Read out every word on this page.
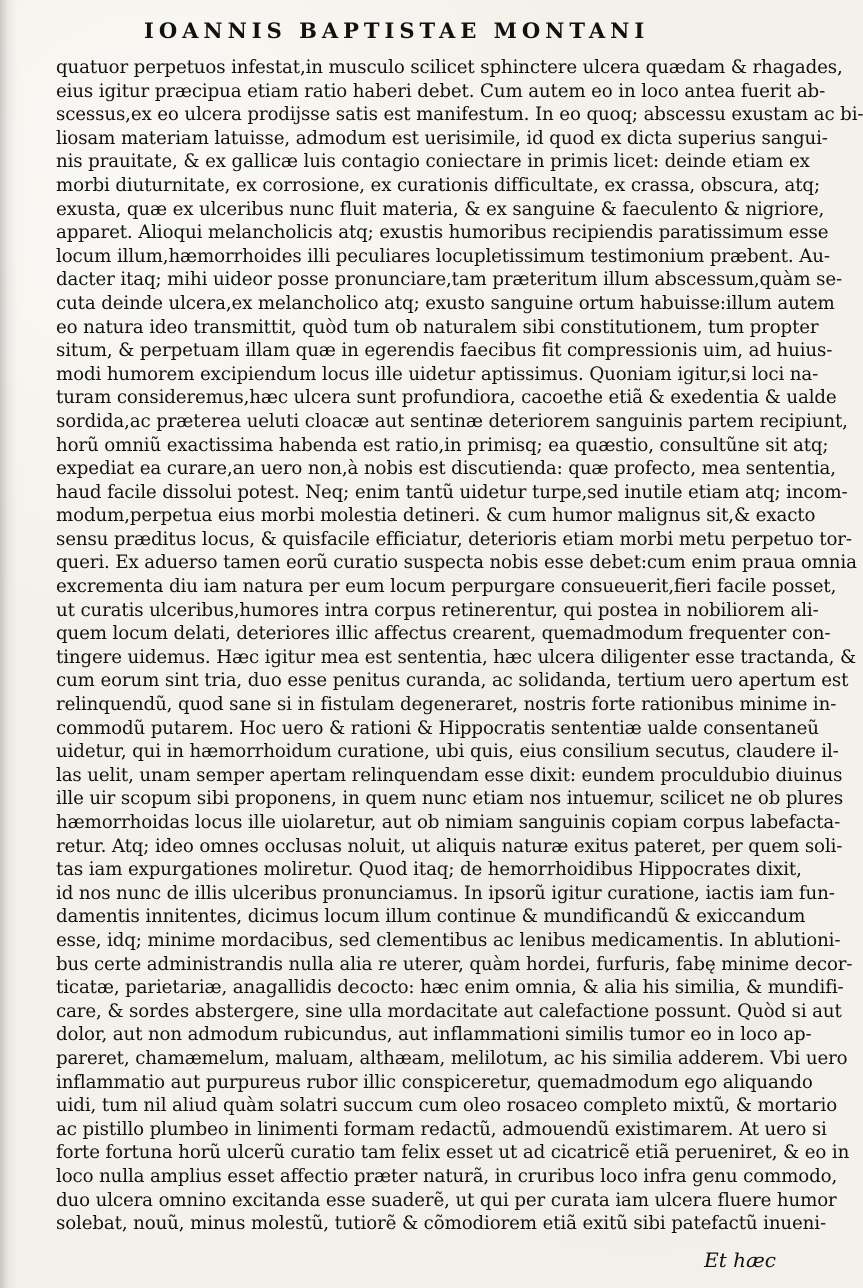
IOANNIS BAPTISTAE MONTANI
quatuor perpetuos infestat,in musculo scilicet sphinctere ulcera quædam & rhagades,
eius igitur præcipua etiam ratio haberi debet. Cum autem eo in loco antea fuerit ab-
scessus,ex eo ulcera prodijsse satis est manifestum. In eo quoq; abscessu exustam ac bi-
liosam materiam latuisse, admodum est uerisimile, id quod ex dicta superius sangui-
nis prauitate, & ex gallicæ luis contagio coniectare in primis licet: deinde etiam ex
morbi diuturnitate, ex corrosione, ex curationis difficultate, ex crassa, obscura, atq;
exusta, quæ ex ulceribus nunc fluit materia, & ex sanguine & faeculento & nigriore,
apparet. Alioqui melancholicis atq; exustis humoribus recipiendis paratissimum esse
locum illum,hæmorrhoides illi peculiares locupletissimum testimonium præbent. Au-
dacter itaq; mihi uideor posse pronunciare,tam præteritum illum abscessum,quàm se-
cuta deinde ulcera,ex melancholico atq; exusto sanguine ortum habuisse:illum autem
eo natura ideo transmittit, quòd tum ob naturalem sibi constitutionem, tum propter
situm, & perpetuam illam quæ in egerendis faecibus fit compressionis uim, ad huius-
modi humorem excipiendum locus ille uidetur aptissimus. Quoniam igitur,si loci na-
turam consideremus,hæc ulcera sunt profundiora, cacoethe etiã & exedentia & ualde
sordida,ac præterea ueluti cloacæ aut sentinæ deteriorem sanguinis partem recipiunt,
horũ omniũ exactissima habenda est ratio,in primisq; ea quæstio, consultũne sit atq;
expediat ea curare,an uero non,à nobis est discutienda: quæ profecto, mea sententia,
haud facile dissolui potest. Neq; enim tantũ uidetur turpe,sed inutile etiam atq; incom-
modum,perpetua eius morbi molestia detineri. & cum humor malignus sit,& exacto
sensu præditus locus, & quisfacile efficiatur, deterioris etiam morbi metu perpetuo tor-
queri. Ex aduerso tamen eorũ curatio suspecta nobis esse debet:cum enim praua omnia
excrementa diu iam natura per eum locum perpurgare consueuerit,fieri facile posset,
ut curatis ulceribus,humores intra corpus retinerentur, qui postea in nobiliorem ali-
quem locum delati, deteriores illic affectus crearent, quemadmodum frequenter con-
tingere uidemus. Hæc igitur mea est sententia, hæc ulcera diligenter esse tractanda, &
cum eorum sint tria, duo esse penitus curanda, ac solidanda, tertium uero apertum est
relinquendũ, quod sane si in fistulam degeneraret, nostris forte rationibus minime in-
commodũ putarem. Hoc uero & rationi & Hippocratis sententiæ ualde consentaneũ
uidetur, qui in hæmorrhoidum curatione, ubi quis, eius consilium secutus, claudere il-
las uelit, unam semper apertam relinquendam esse dixit: eundem proculdubio diuinus
ille uir scopum sibi proponens, in quem nunc etiam nos intuemur, scilicet ne ob plures
hæmorrhoidas locus ille uiolaretur, aut ob nimiam sanguinis copiam corpus labefacta-
retur. Atq; ideo omnes occlusas noluit, ut aliquis naturæ exitus pateret, per quem soli-
tas iam expurgationes moliretur. Quod itaq; de hemorrhoidibus Hippocrates dixit,
id nos nunc de illis ulceribus pronunciamus. In ipsorũ igitur curatione, iactis iam fun-
damentis innitentes, dicimus locum illum continue & mundificandũ & exiccandum
esse, idq; minime mordacibus, sed clementibus ac lenibus medicamentis. In ablutioni-
bus certe administrandis nulla alia re uterer, quàm hordei, furfuris, fabę minime decor-
ticatæ, parietariæ, anagallidis decocto: hæc enim omnia, & alia his similia, & mundifi-
care, & sordes abstergere, sine ulla mordacitate aut calefactione possunt. Quòd si aut
dolor, aut non admodum rubicundus, aut inflammationi similis tumor eo in loco ap-
pareret, chamæmelum, maluam, althæam, melilotum, ac his similia adderem. Vbi uero
inflammatio aut purpureus rubor illic conspiceretur, quemadmodum ego aliquando
uidi, tum nil aliud quàm solatri succum cum oleo rosaceo completo mixtũ, & mortario
ac pistillo plumbeo in linimenti formam redactũ, admouendũ existimarem. At uero si
forte fortuna horũ ulcerũ curatio tam felix esset ut ad cicatricẽ etiã perueniret, & eo in
loco nulla amplius esset affectio præter naturã, in cruribus loco infra genu commodo,
duo ulcera omnino excitanda esse suaderẽ, ut qui per curata iam ulcera fluere humor
solebat, nouũ, minus molestũ, tutiorẽ & cõmodiorem etiã exitũ sibi patefactũ inueni-
Et hæc
